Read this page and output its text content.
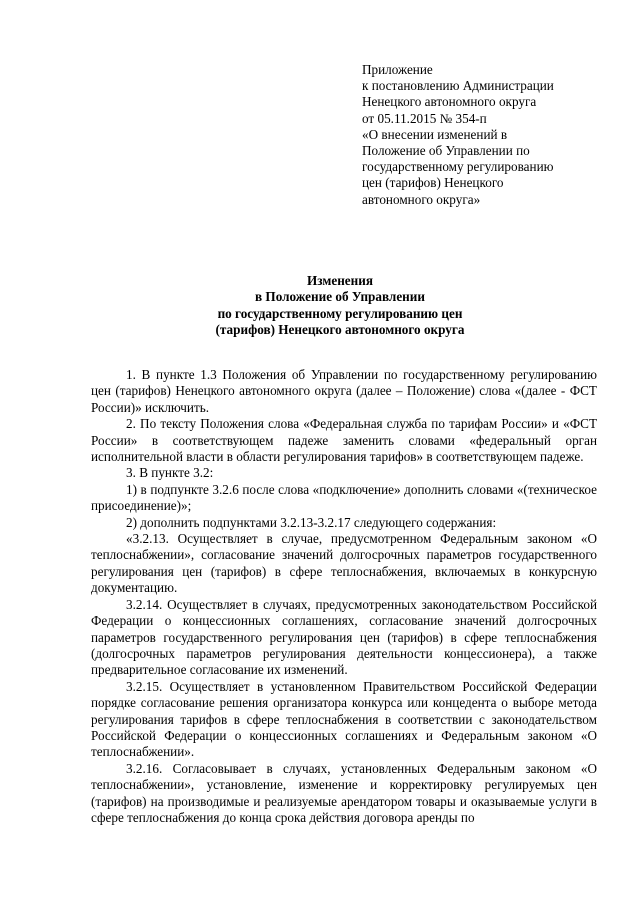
Приложение
к постановлению Администрации
Ненецкого автономного округа
от 05.11.2015 № 354-п
«О внесении изменений в
Положение об Управлении по
государственному регулированию
цен (тарифов) Ненецкого
автономного округа»
Изменения
в Положение об Управлении
по государственному регулированию цен
(тарифов) Ненецкого автономного округа

1. В пункте 1.3 Положения об Управлении по государственному регулированию цен (тарифов) Ненецкого автономного округа (далее – Положение) слова «(далее - ФСТ России)» исключить.

2. По тексту Положения слова «Федеральная служба по тарифам России» и «ФСТ России» в соответствующем падеже заменить словами «федеральный орган исполнительной власти в области регулирования тарифов» в соответствующем падеже.

3. В пункте 3.2:

1) в подпункте 3.2.6 после слова «подключение» дополнить словами «(техническое присоединение)»;

2) дополнить подпунктами 3.2.13-3.2.17 следующего содержания:

«3.2.13. Осуществляет в случае, предусмотренном Федеральным законом «О теплоснабжении», согласование значений долгосрочных параметров государственного регулирования цен (тарифов) в сфере теплоснабжения, включаемых в конкурсную документацию.

3.2.14. Осуществляет в случаях, предусмотренных законодательством Российской Федерации о концессионных соглашениях, согласование значений долгосрочных параметров государственного регулирования цен (тарифов) в сфере теплоснабжения (долгосрочных параметров регулирования деятельности концессионера), а также предварительное согласование их изменений.

3.2.15. Осуществляет в установленном Правительством Российской Федерации порядке согласование решения организатора конкурса или концедента о выборе метода регулирования тарифов в сфере теплоснабжения в соответствии с законодательством Российской Федерации о концессионных соглашениях и Федеральным законом «О теплоснабжении».

3.2.16. Согласовывает в случаях, установленных Федеральным законом «О теплоснабжении», установление, изменение и корректировку регулируемых цен (тарифов) на производимые и реализуемые арендатором товары и оказываемые услуги в сфере теплоснабжения до конца срока действия договора аренды по
